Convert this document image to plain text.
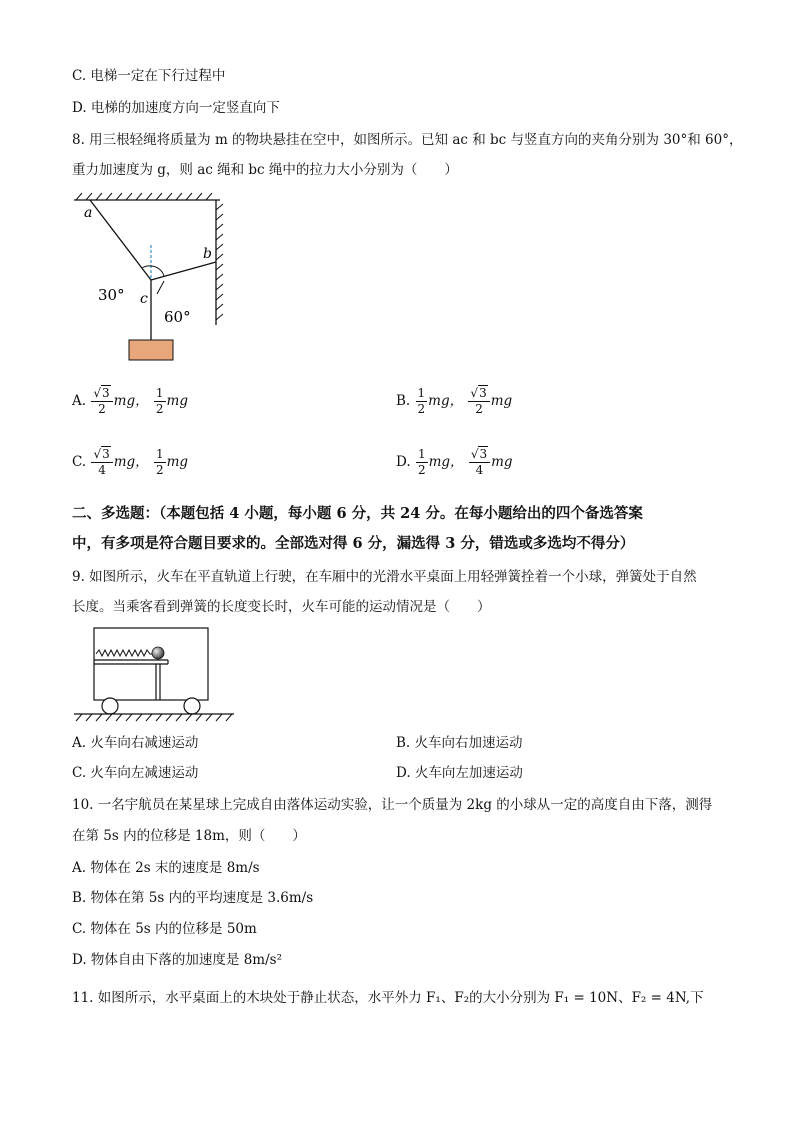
C. 电梯一定在下行过程中
D. 电梯的加速度方向一定竖直向下
8. 用三根轻绳将质量为 m 的物块悬挂在空中，如图所示。已知 ac 和 bc 与竖直方向的夹角分别为 30°和 60°，
重力加速度为 g，则 ac 绳和 bc 绳中的拉力大小分别为（　　）
a
b
c
30°
60°
A. $\frac{√3}{2}$ mg， $\frac{1}{2}$ mg	B. $\frac{1}{2}$ mg， $\frac{√3}{2}$ mg
C. $\frac{√3}{4}$ mg， $\frac{1}{2}$ mg	D. $\frac{1}{2}$ mg， $\frac{√3}{4}$ mg
二、多选题：（本题包括 4 小题，每小题 6 分，共 24 分。在每小题给出的四个备选答案
中，有多项是符合题目要求的。全部选对得 6 分，漏选得 3 分，错选或多选均不得分）
9. 如图所示，火车在平直轨道上行驶，在车厢中的光滑水平桌面上用轻弹簧拴着一个小球，弹簧处于自然
长度。当乘客看到弹簧的长度变长时，火车可能的运动情况是（　　）
A. 火车向右减速运动	B. 火车向右加速运动
C. 火车向左减速运动	D. 火车向左加速运动
10. 一名宇航员在某星球上完成自由落体运动实验，让一个质量为 2kg 的小球从一定的高度自由下落，测得
在第 5s 内的位移是 18m，则（　　）
A. 物体在 2s 末的速度是 8m/s
B. 物体在第 5s 内的平均速度是 3.6m/s
C. 物体在 5s 内的位移是 50m
D. 物体自由下落的加速度是 8m/s²
11. 如图所示，水平桌面上的木块处于静止状态，水平外力 F₁、F₂的大小分别为 F₁ = 10N、F₂ = 4N,下
